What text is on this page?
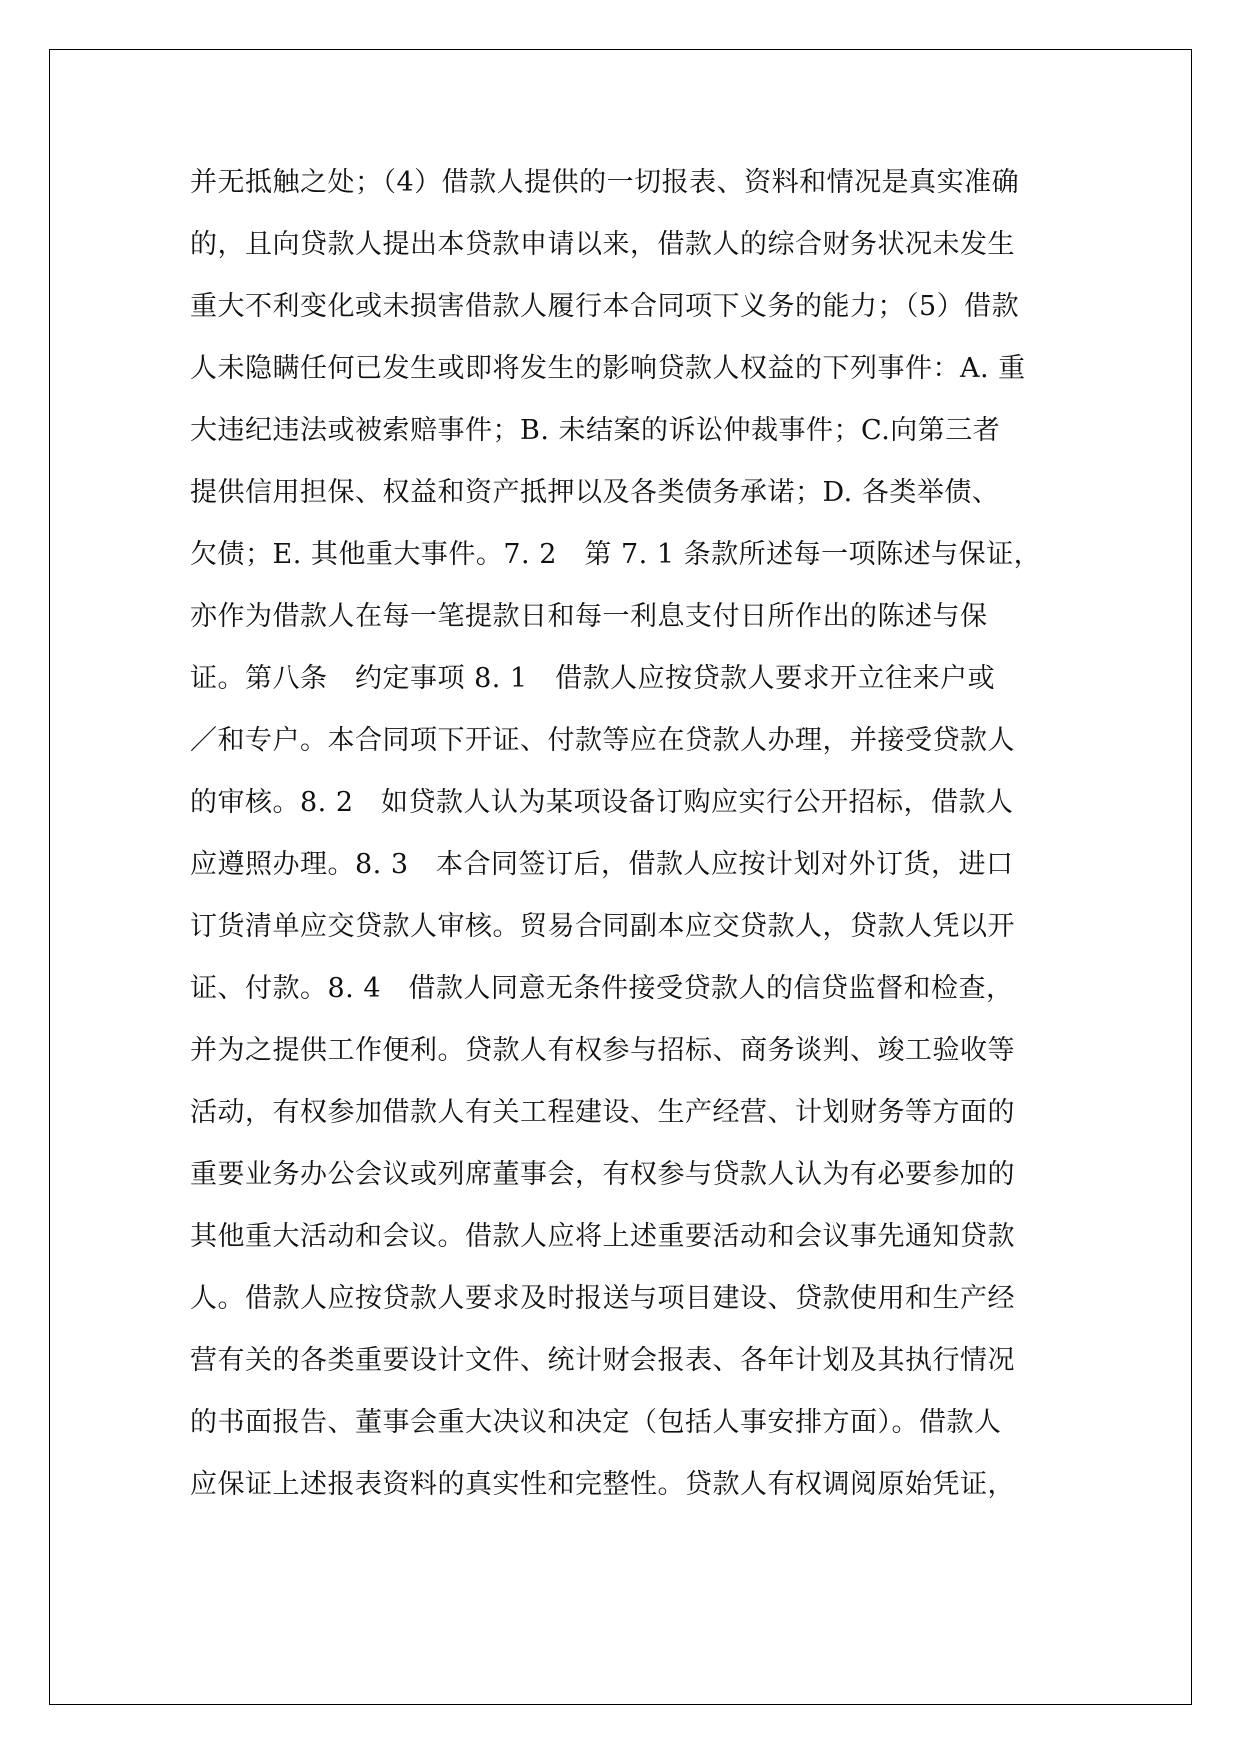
并无抵触之处；（4）借款人提供的一切报表、资料和情况是真实准确
的，且向贷款人提出本贷款申请以来，借款人的综合财务状况未发生
重大不利变化或未损害借款人履行本合同项下义务的能力；（5）借款
人未隐瞒任何已发生或即将发生的影响贷款人权益的下列事件：A. 重
大违纪违法或被索赔事件；B. 未结案的诉讼仲裁事件；C.向第三者
提供信用担保、权益和资产抵押以及各类债务承诺；D. 各类举债、
欠债；E. 其他重大事件。7. 2　第 7. 1 条款所述每一项陈述与保证，
亦作为借款人在每一笔提款日和每一利息支付日所作出的陈述与保
证。第八条　约定事项 8. 1　借款人应按贷款人要求开立往来户或
／和专户。本合同项下开证、付款等应在贷款人办理，并接受贷款人
的审核。8. 2　如贷款人认为某项设备订购应实行公开招标，借款人
应遵照办理。8. 3　本合同签订后，借款人应按计划对外订货，进口
订货清单应交贷款人审核。贸易合同副本应交贷款人，贷款人凭以开
证、付款。8. 4　借款人同意无条件接受贷款人的信贷监督和检查，
并为之提供工作便利。贷款人有权参与招标、商务谈判、竣工验收等
活动，有权参加借款人有关工程建设、生产经营、计划财务等方面的
重要业务办公会议或列席董事会，有权参与贷款人认为有必要参加的
其他重大活动和会议。借款人应将上述重要活动和会议事先通知贷款
人。借款人应按贷款人要求及时报送与项目建设、贷款使用和生产经
营有关的各类重要设计文件、统计财会报表、各年计划及其执行情况
的书面报告、董事会重大决议和决定（包括人事安排方面）。借款人
应保证上述报表资料的真实性和完整性。贷款人有权调阅原始凭证，
